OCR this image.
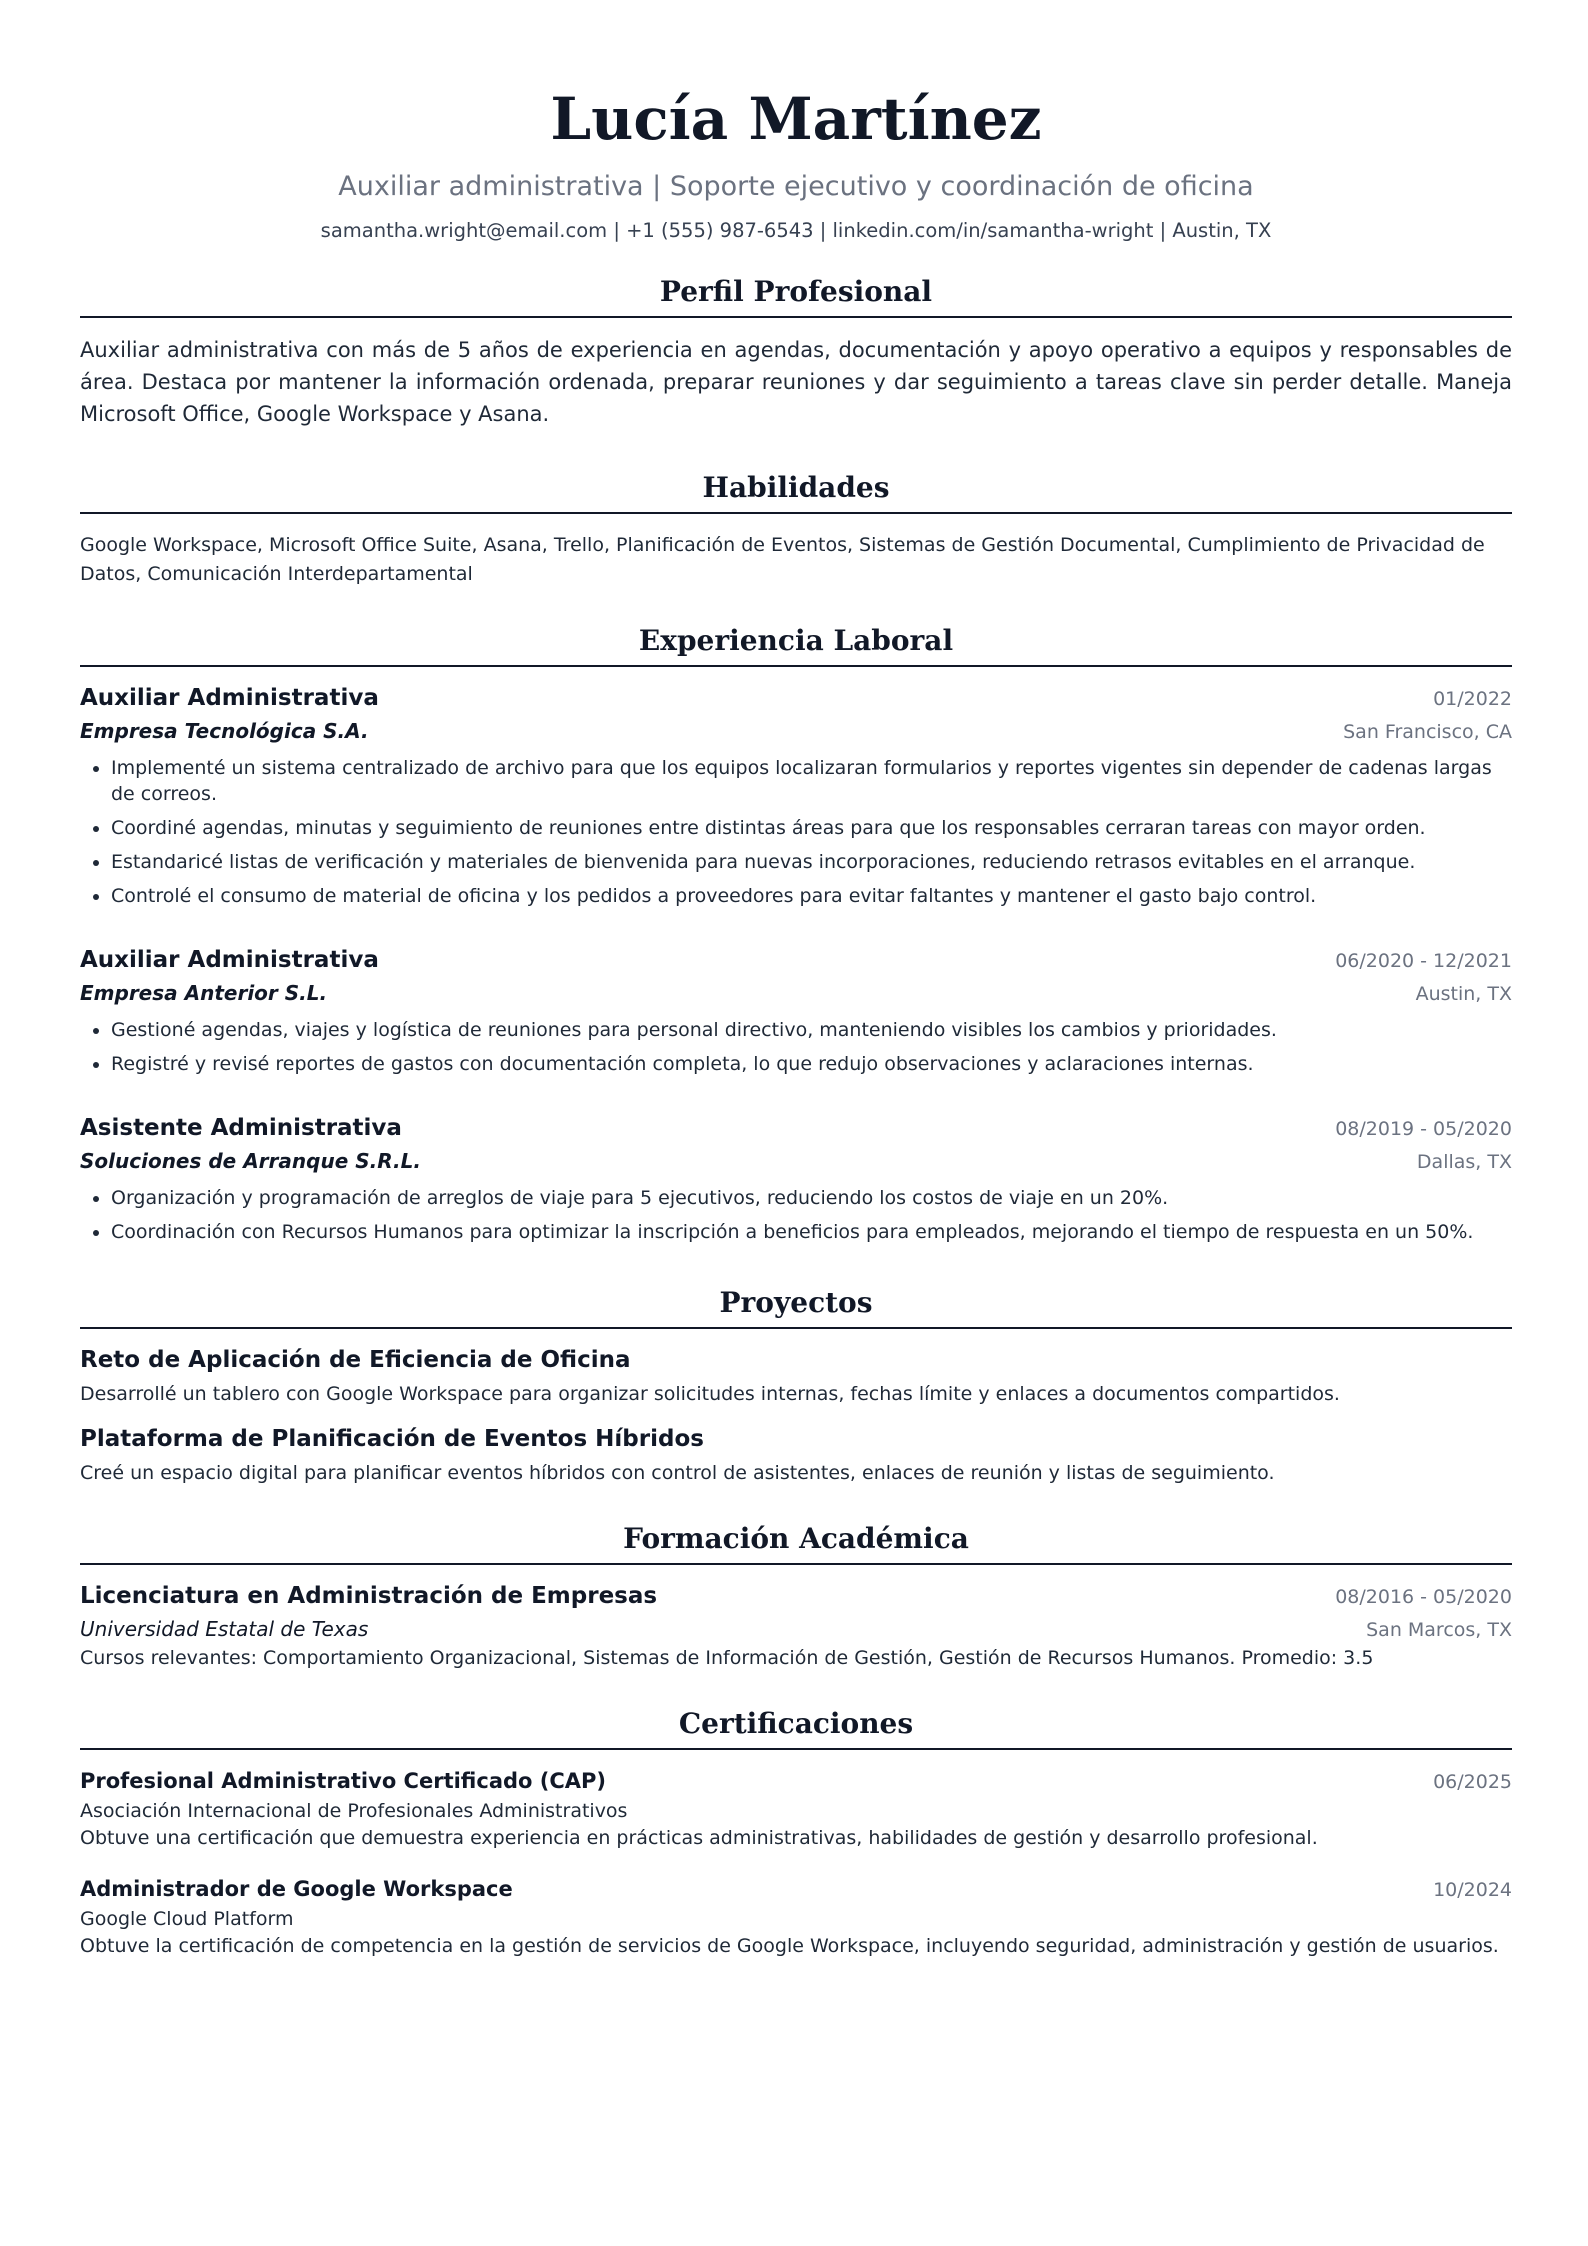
Lucía Martínez
Auxiliar administrativa | Soporte ejecutivo y coordinación de oficina
samantha.wright@email.com | +1 (555) 987-6543 | linkedin.com/in/samantha-wright | Austin, TX
Perfil Profesional
Auxiliar administrativa con más de 5 años de experiencia en agendas, documentación y apoyo operativo a equipos y responsables de área. Destaca por mantener la información ordenada, preparar reuniones y dar seguimiento a tareas clave sin perder detalle. Maneja Microsoft Office, Google Workspace y Asana.
Habilidades
Google Workspace, Microsoft Office Suite, Asana, Trello, Planificación de Eventos, Sistemas de Gestión Documental, Cumplimiento de Privacidad de Datos, Comunicación Interdepartamental
Experiencia Laboral
Auxiliar Administrativa	01/2022
Empresa Tecnológica S.A.	San Francisco, CA
• Implementé un sistema centralizado de archivo para que los equipos localizaran formularios y reportes vigentes sin depender de cadenas largas de correos.
• Coordiné agendas, minutas y seguimiento de reuniones entre distintas áreas para que los responsables cerraran tareas con mayor orden.
• Estandaricé listas de verificación y materiales de bienvenida para nuevas incorporaciones, reduciendo retrasos evitables en el arranque.
• Controlé el consumo de material de oficina y los pedidos a proveedores para evitar faltantes y mantener el gasto bajo control.
Auxiliar Administrativa	06/2020 - 12/2021
Empresa Anterior S.L.	Austin, TX
• Gestioné agendas, viajes y logística de reuniones para personal directivo, manteniendo visibles los cambios y prioridades.
• Registré y revisé reportes de gastos con documentación completa, lo que redujo observaciones y aclaraciones internas.
Asistente Administrativa	08/2019 - 05/2020
Soluciones de Arranque S.R.L.	Dallas, TX
• Organización y programación de arreglos de viaje para 5 ejecutivos, reduciendo los costos de viaje en un 20%.
• Coordinación con Recursos Humanos para optimizar la inscripción a beneficios para empleados, mejorando el tiempo de respuesta en un 50%.
Proyectos
Reto de Aplicación de Eficiencia de Oficina
Desarrollé un tablero con Google Workspace para organizar solicitudes internas, fechas límite y enlaces a documentos compartidos.
Plataforma de Planificación de Eventos Híbridos
Creé un espacio digital para planificar eventos híbridos con control de asistentes, enlaces de reunión y listas de seguimiento.
Formación Académica
Licenciatura en Administración de Empresas	08/2016 - 05/2020
Universidad Estatal de Texas	San Marcos, TX
Cursos relevantes: Comportamiento Organizacional, Sistemas de Información de Gestión, Gestión de Recursos Humanos. Promedio: 3.5
Certificaciones
Profesional Administrativo Certificado (CAP)	06/2025
Asociación Internacional de Profesionales Administrativos
Obtuve una certificación que demuestra experiencia en prácticas administrativas, habilidades de gestión y desarrollo profesional.
Administrador de Google Workspace	10/2024
Google Cloud Platform
Obtuve la certificación de competencia en la gestión de servicios de Google Workspace, incluyendo seguridad, administración y gestión de usuarios.
